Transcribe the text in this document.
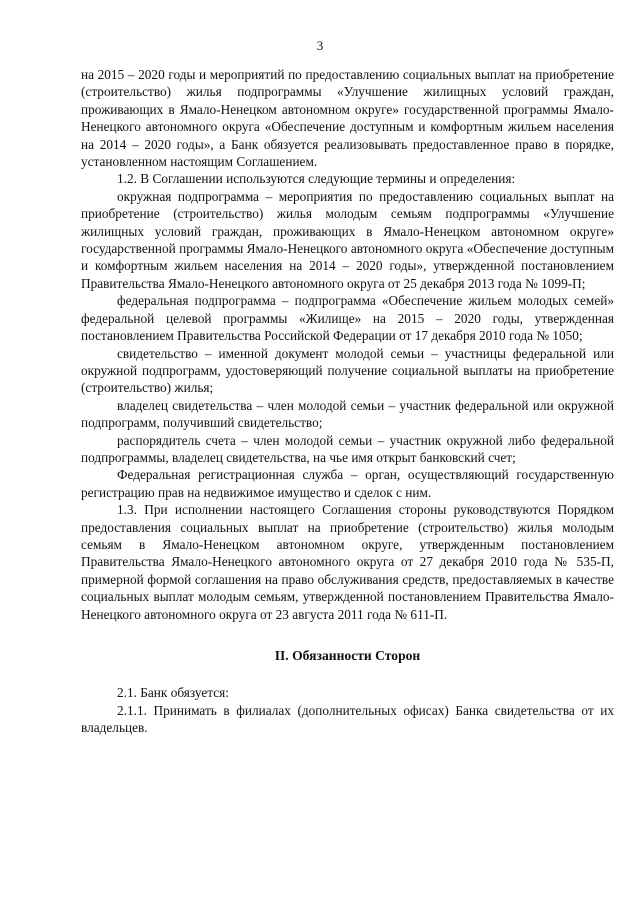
3

на 2015 – 2020 годы и мероприятий по предоставлению социальных выплат на приобретение (строительство) жилья подпрограммы «Улучшение жилищных условий граждан, проживающих в Ямало-Ненецком автономном округе» государственной программы Ямало-Ненецкого автономного округа «Обеспечение доступным и комфортным жильем населения на 2014 – 2020 годы», а Банк обязуется реализовывать предоставленное право в порядке, установленном настоящим Соглашением.

1.2. В Соглашении используются следующие термины и определения:

окружная подпрограмма – мероприятия по предоставлению социальных выплат на приобретение (строительство) жилья молодым семьям подпрограммы «Улучшение жилищных условий граждан, проживающих в Ямало-Ненецком автономном округе» государственной программы Ямало-Ненецкого автономного округа «Обеспечение доступным и комфортным жильем населения на 2014 – 2020 годы», утвержденной постановлением Правительства Ямало-Ненецкого автономного округа от 25 декабря 2013 года № 1099-П;

федеральная подпрограмма – подпрограмма «Обеспечение жильем молодых семей» федеральной целевой программы «Жилище» на 2015 – 2020 годы, утвержденная постановлением Правительства Российской Федерации от 17 декабря 2010 года № 1050;

свидетельство – именной документ молодой семьи – участницы федеральной или окружной подпрограмм, удостоверяющий получение социальной выплаты на приобретение (строительство) жилья;

владелец свидетельства – член молодой семьи – участник федеральной или окружной подпрограмм, получивший свидетельство;

распорядитель счета – член молодой семьи – участник окружной либо федеральной подпрограммы, владелец свидетельства, на чье имя открыт банковский счет;

Федеральная регистрационная служба – орган, осуществляющий государственную регистрацию прав на недвижимое имущество и сделок с ним.

1.3. При исполнении настоящего Соглашения стороны руководствуются Порядком предоставления социальных выплат на приобретение (строительство) жилья молодым семьям в Ямало-Ненецком автономном округе, утвержденным постановлением Правительства Ямало-Ненецкого автономного округа от 27 декабря 2010 года № 535-П, примерной формой соглашения на право обслуживания средств, предоставляемых в качестве социальных выплат молодым семьям, утвержденной постановлением Правительства Ямало-Ненецкого автономного округа от 23 августа 2011 года № 611-П.

II. Обязанности Сторон

2.1. Банк обязуется:

2.1.1. Принимать в филиалах (дополнительных офисах) Банка свидетельства от их владельцев.
